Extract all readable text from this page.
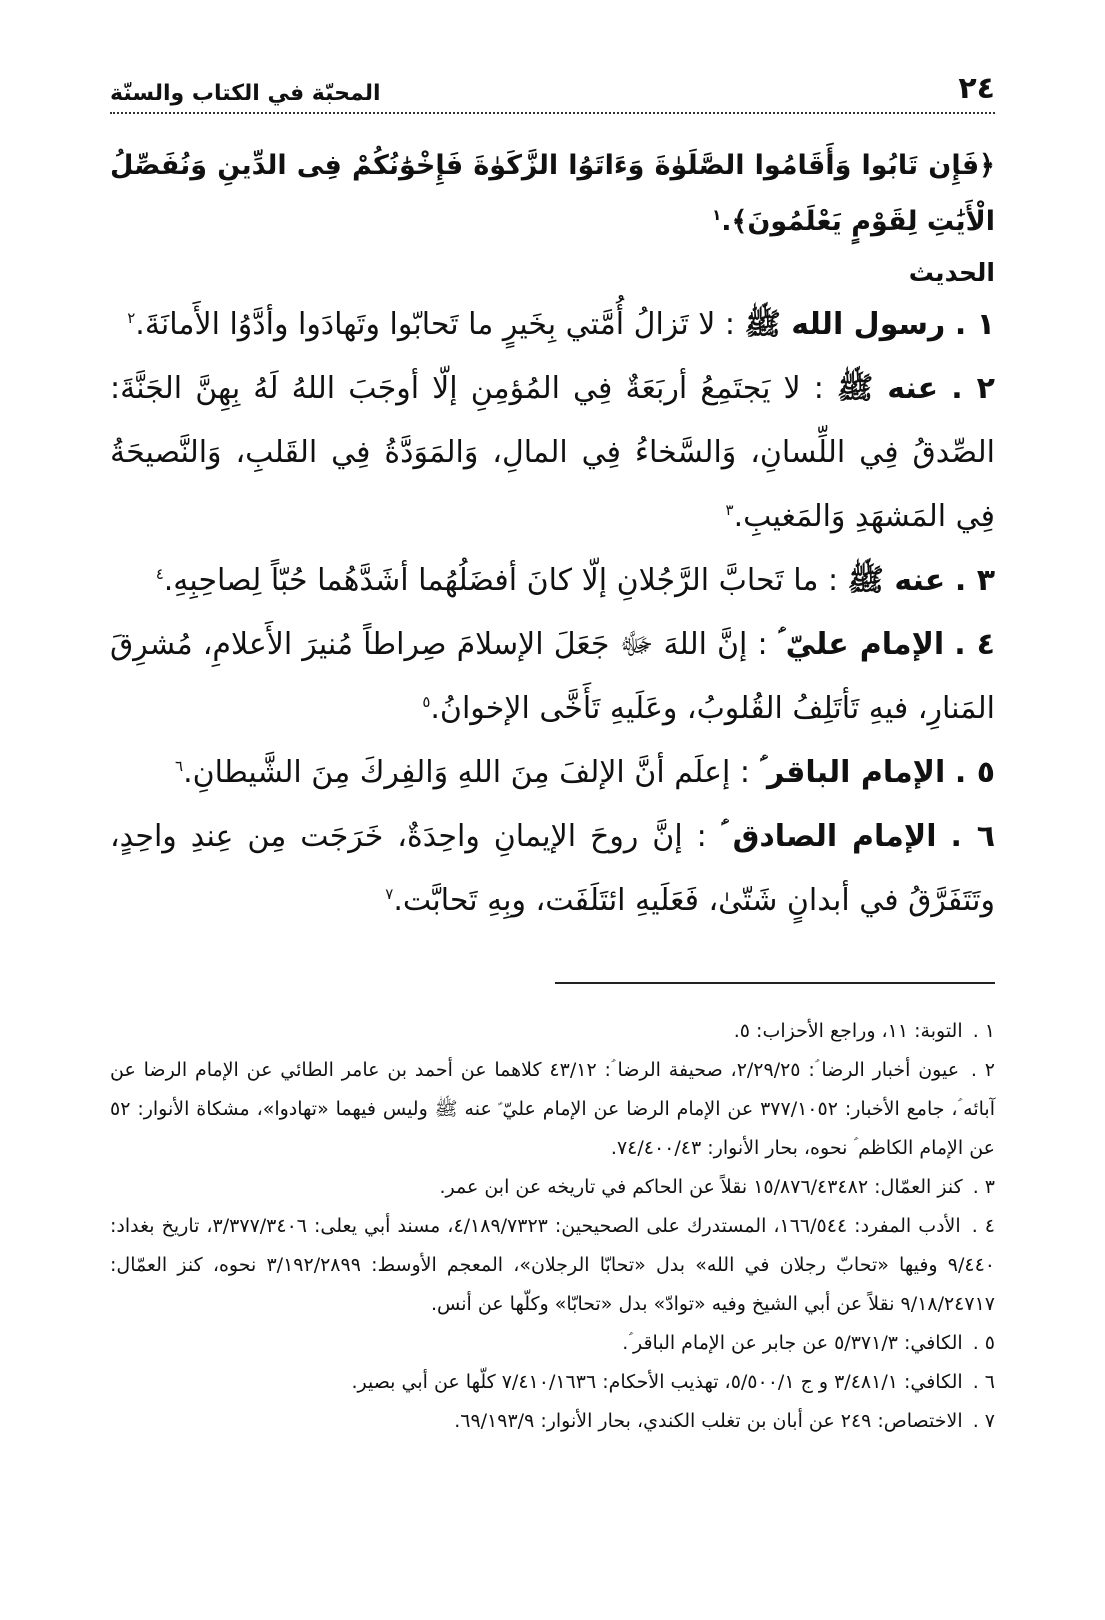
٢٤
المحبّة في الكتاب والسنّة

﴿فَإِن تَابُوا وَأَقَامُوا الصَّلَوٰةَ وَءَاتَوُا الزَّكَوٰةَ فَإِخْوَٰنُكُمْ فِى الدِّينِ وَنُفَصِّلُ الْأَيَٰتِ لِقَوْمٍ يَعْلَمُونَ﴾.$^١$

الحديث

١ . رسول الله ﷺ : لا تَزالُ أُمَّتي بِخَيرٍ ما تَحابّوا وتَهادَوا وأدَّوُا الأَمانَةَ.$^٢$

٢ . عنه ﷺ : لا يَجتَمِعُ أربَعَةٌ فِي المُؤمِنِ إلّا أوجَبَ اللهُ لَهُ بِهِنَّ الجَنَّةَ: الصِّدقُ فِي اللِّسانِ، وَالسَّخاءُ فِي المالِ، وَالمَوَدَّةُ فِي القَلبِ، وَالنَّصيحَةُ فِي المَشهَدِ وَالمَغيبِ.$^٣$

٣ . عنه ﷺ : ما تَحابَّ الرَّجُلانِ إلّا كانَ أفضَلُهُما أشَدَّهُما حُبّاً لِصاحِبِهِ.$^٤$

٤ . الإمام عليّ ؑ : إنَّ اللهَ ﷻ جَعَلَ الإسلامَ صِراطاً مُنيرَ الأَعلامِ، مُشرِقَ المَنارِ، فيهِ تَأتَلِفُ القُلوبُ، وعَلَيهِ تَأَخَّى الإخوانُ.$^٥$

٥ . الإمام الباقر ؑ : إعلَم أنَّ الإلفَ مِنَ اللهِ وَالفِركَ مِنَ الشَّيطانِ.$^٦$

٦ . الإمام الصادق ؑ : إنَّ روحَ الإيمانِ واحِدَةٌ، خَرَجَت مِن عِندِ واحِدٍ، وتَتَفَرَّقُ في أبدانٍ شَتّىٰ، فَعَلَيهِ ائتَلَفَت، وبِهِ تَحابَّت.$^٧$

١ . التوبة: ١١، وراجع الأحزاب: ٥.

٢ . عيون أخبار الرضا ؑ: ٢/٢٩/٢٥، صحيفة الرضا ؑ: ٤٣/١٢ كلاهما عن أحمد بن عامر الطائي عن الإمام الرضا عن آبائه ؑ، جامع الأخبار: ٣٧٧/١٠٥٢ عن الإمام الرضا عن الإمام عليّ ؑ عنه ﷺ وليس فيهما «تهادوا»، مشكاة الأنوار: ٥٢ عن الإمام الكاظم ؑ نحوه، بحار الأنوار: ٧٤/٤٠٠/٤٣.

٣ . كنز العمّال: ١٥/٨٧٦/٤٣٤٨٢ نقلاً عن الحاكم في تاريخه عن ابن عمر.

٤ . الأدب المفرد: ١٦٦/٥٤٤، المستدرك على الصحيحين: ٤/١٨٩/٧٣٢٣، مسند أبي يعلى: ٣/٣٧٧/٣٤٠٦، تاريخ بغداد: ٩/٤٤٠ وفيها «تحابّ رجلان في الله» بدل «تحابّا الرجلان»، المعجم الأوسط: ٣/١٩٢/٢٨٩٩ نحوه، كنز العمّال: ٩/١٨/٢٤٧١٧ نقلاً عن أبي الشيخ وفيه «توادّ» بدل «تحابّا» وكلّها عن أنس.

٥ . الكافي: ٥/٣٧١/٣ عن جابر عن الإمام الباقر ؑ.

٦ . الكافي: ٣/٤٨١/١ و ج ٥/٥٠٠/١، تهذيب الأحكام: ٧/٤١٠/١٦٣٦ كلّها عن أبي بصير.

٧ . الاختصاص: ٢٤٩ عن أبان بن تغلب الكندي، بحار الأنوار: ٦٩/١٩٣/٩.
